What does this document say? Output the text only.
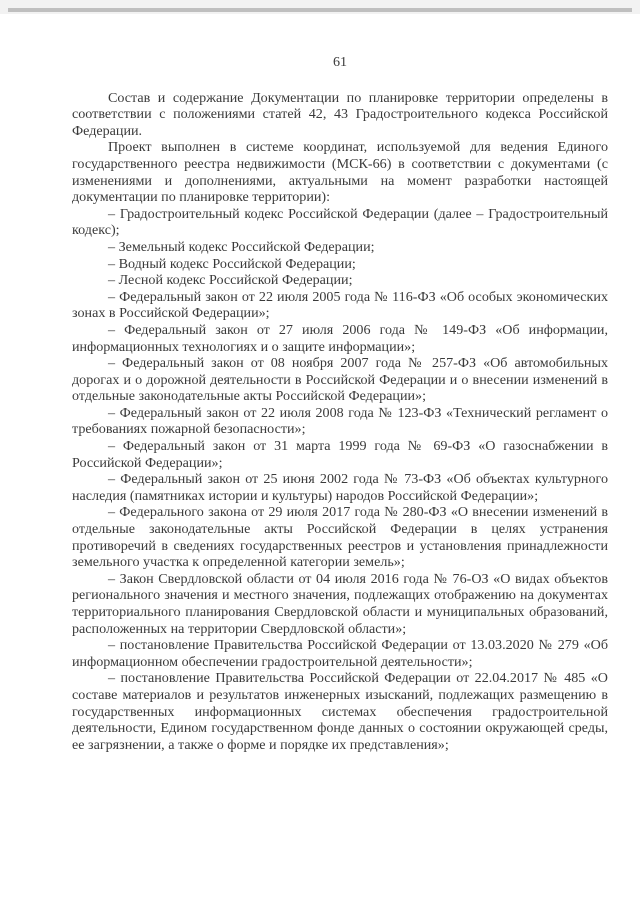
61

Состав и содержание Документации по планировке территории определены в соответствии с положениями статей 42, 43 Градостроительного кодекса Российской Федерации.

Проект выполнен в системе координат, используемой для ведения Единого государственного реестра недвижимости (МСК-66) в соответствии с документами (с изменениями и дополнениями, актуальными на момент разработки настоящей документации по планировке территории):

– Градостроительный кодекс Российской Федерации (далее – Градостроительный кодекс);

– Земельный кодекс Российской Федерации;

– Водный кодекс Российской Федерации;

– Лесной кодекс Российской Федерации;

– Федеральный закон от 22 июля 2005 года № 116-ФЗ «Об особых экономических зонах в Российской Федерации»;

– Федеральный закон от 27 июля 2006 года № 149-ФЗ «Об информации, информационных технологиях и о защите информации»;

– Федеральный закон от 08 ноября 2007 года № 257-ФЗ «Об автомобильных дорогах и о дорожной деятельности в Российской Федерации и о внесении изменений в отдельные законодательные акты Российской Федерации»;

– Федеральный закон от 22 июля 2008 года № 123-ФЗ «Технический регламент о требованиях пожарной безопасности»;

– Федеральный закон от 31 марта 1999 года № 69-ФЗ «О газоснабжении в Российской Федерации»;

– Федеральный закон от 25 июня 2002 года № 73-ФЗ «Об объектах культурного наследия (памятниках истории и культуры) народов Российской Федерации»;

– Федерального закона от 29 июля 2017 года № 280-ФЗ «О внесении изменений в отдельные законодательные акты Российской Федерации в целях устранения противоречий в сведениях государственных реестров и установления принадлежности земельного участка к определенной категории земель»;

– Закон Свердловской области от 04 июля 2016 года № 76-ОЗ «О видах объектов регионального значения и местного значения, подлежащих отображению на документах территориального планирования Свердловской области и муниципальных образований, расположенных на территории Свердловской области»;

– постановление Правительства Российской Федерации от 13.03.2020 № 279 «Об информационном обеспечении градостроительной деятельности»;

– постановление Правительства Российской Федерации от 22.04.2017 № 485 «О составе материалов и результатов инженерных изысканий, подлежащих размещению в государственных информационных системах обеспечения градостроительной деятельности, Едином государственном фонде данных о состоянии окружающей среды, ее загрязнении, а также о форме и порядке их представления»;
